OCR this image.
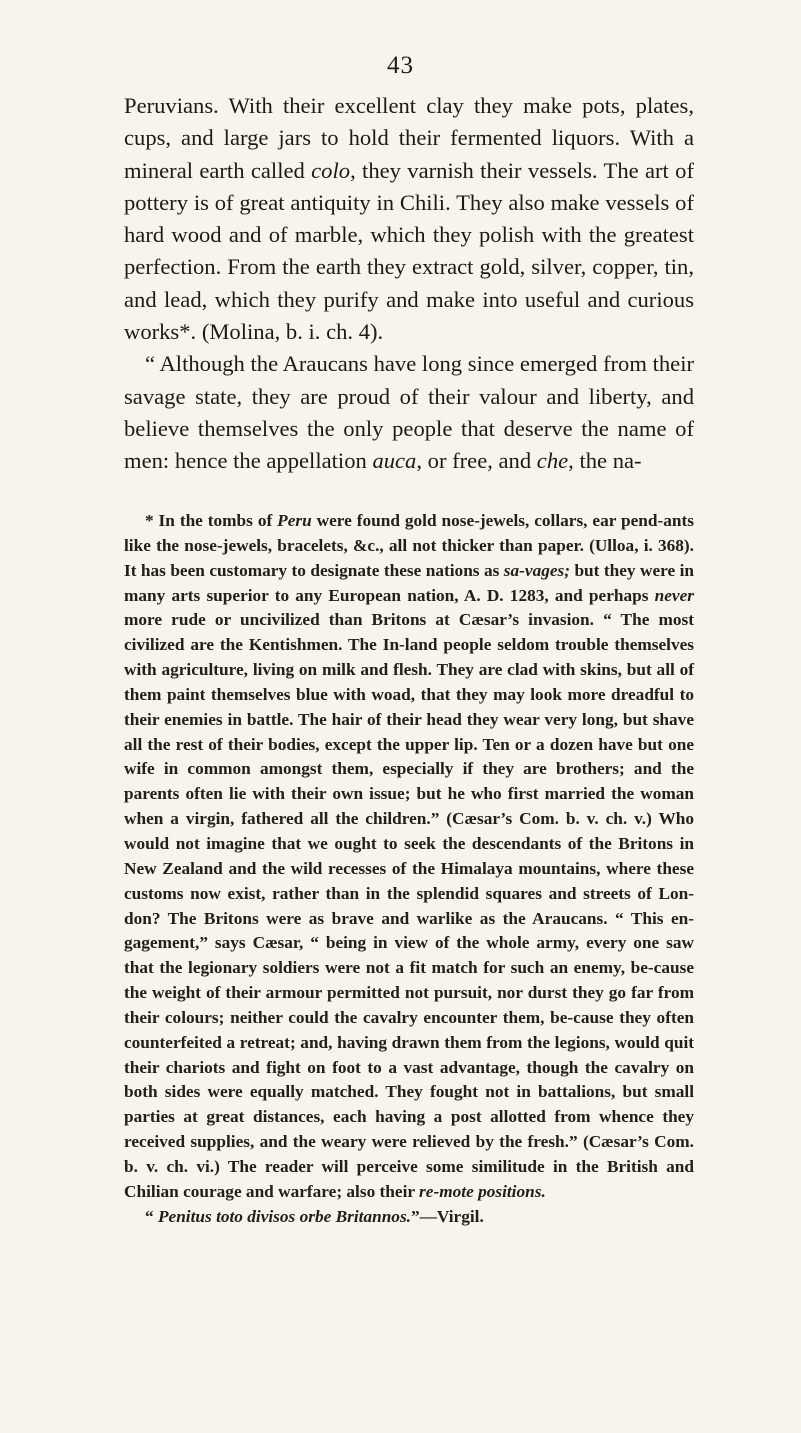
43

Peruvians. With their excellent clay they make pots, plates, cups, and large jars to hold their fermented liquors. With a mineral earth called colo, they varnish their vessels. The art of pottery is of great antiquity in Chili. They also make vessels of hard wood and of marble, which they polish with the greatest perfection. From the earth they extract gold, silver, copper, tin, and lead, which they purify and make into useful and curious works*. (Molina, b. i. ch. 4).

“ Although the Araucans have long since emerged from their savage state, they are proud of their valour and liberty, and believe themselves the only people that deserve the name of men: hence the appellation auca, or free, and che, the na-

* In the tombs of Peru were found gold nose-jewels, collars, ear pend-ants like the nose-jewels, bracelets, &c., all not thicker than paper. (Ulloa, i. 368). It has been customary to designate these nations as sa-vages; but they were in many arts superior to any European nation, A. D. 1283, and perhaps never more rude or uncivilized than Britons at Cæsar’s invasion. “ The most civilized are the Kentishmen. The In-land people seldom trouble themselves with agriculture, living on milk and flesh. They are clad with skins, but all of them paint themselves blue with woad, that they may look more dreadful to their enemies in battle. The hair of their head they wear very long, but shave all the rest of their bodies, except the upper lip. Ten or a dozen have but one wife in common amongst them, especially if they are brothers; and the parents often lie with their own issue; but he who first married the woman when a virgin, fathered all the children.” (Cæsar’s Com. b. v. ch. v.) Who would not imagine that we ought to seek the descendants of the Britons in New Zealand and the wild recesses of the Himalaya mountains, where these customs now exist, rather than in the splendid squares and streets of Lon-don? The Britons were as brave and warlike as the Araucans. “ This en-gagement,” says Cæsar, “ being in view of the whole army, every one saw that the legionary soldiers were not a fit match for such an enemy, be-cause the weight of their armour permitted not pursuit, nor durst they go far from their colours; neither could the cavalry encounter them, be-cause they often counterfeited a retreat; and, having drawn them from the legions, would quit their chariots and fight on foot to a vast advantage, though the cavalry on both sides were equally matched. They fought not in battalions, but small parties at great distances, each having a post allotted from whence they received supplies, and the weary were relieved by the fresh.” (Cæsar’s Com. b. v. ch. vi.) The reader will perceive some similitude in the British and Chilian courage and warfare; also their re-mote positions.

“ Penitus toto divisos orbe Britannos.”—Virgil.
